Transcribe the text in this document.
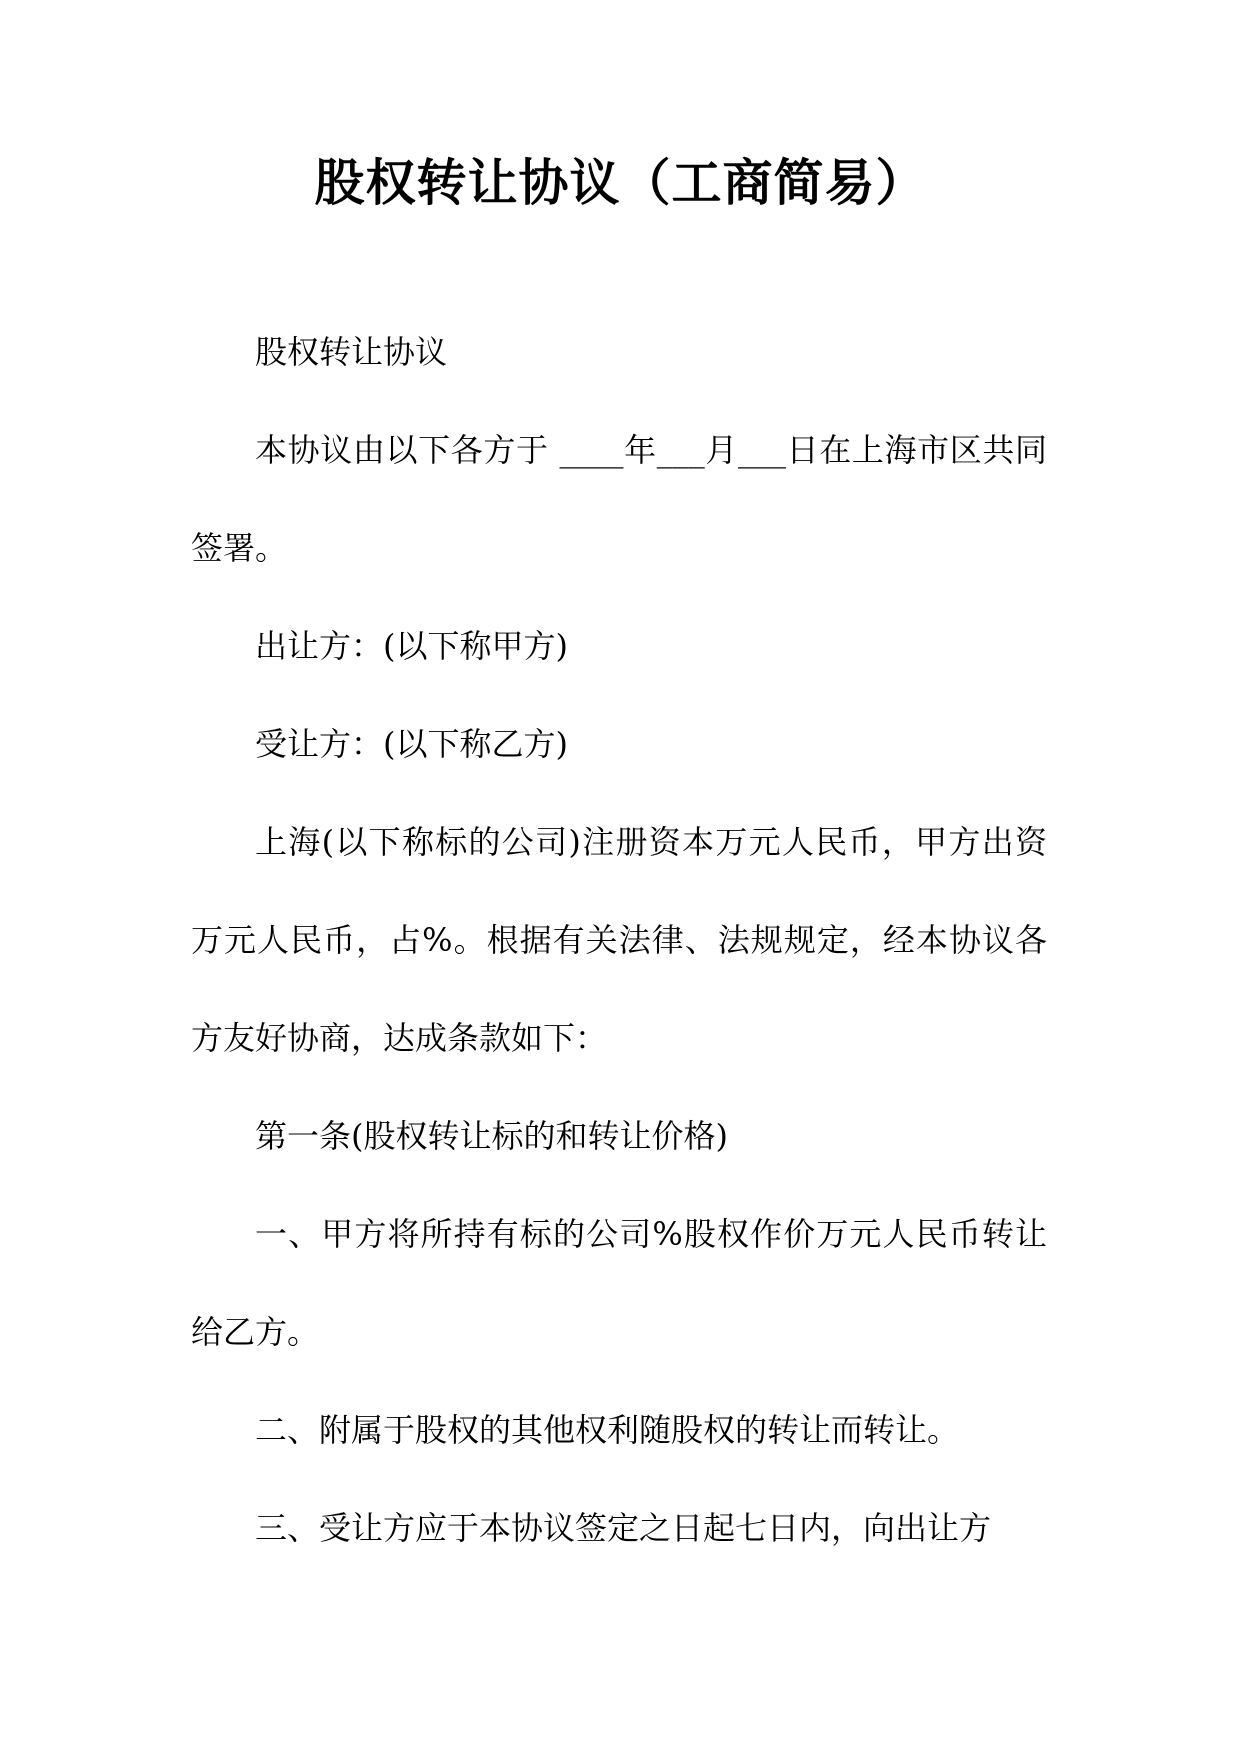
股权转让协议（工商简易）

股权转让协议

本协议由以下各方于 ____年___月___日在上海市区共同签署。

出让方：(以下称甲方)

受让方：(以下称乙方)

上海(以下称标的公司)注册资本万元人民币，甲方出资万元人民币，占%。根据有关法律、法规规定，经本协议各方友好协商，达成条款如下：

第一条(股权转让标的和转让价格)

一、甲方将所持有标的公司%股权作价万元人民币转让给乙方。

二、附属于股权的其他权利随股权的转让而转让。

三、受让方应于本协议签定之日起七日内，向出让方
